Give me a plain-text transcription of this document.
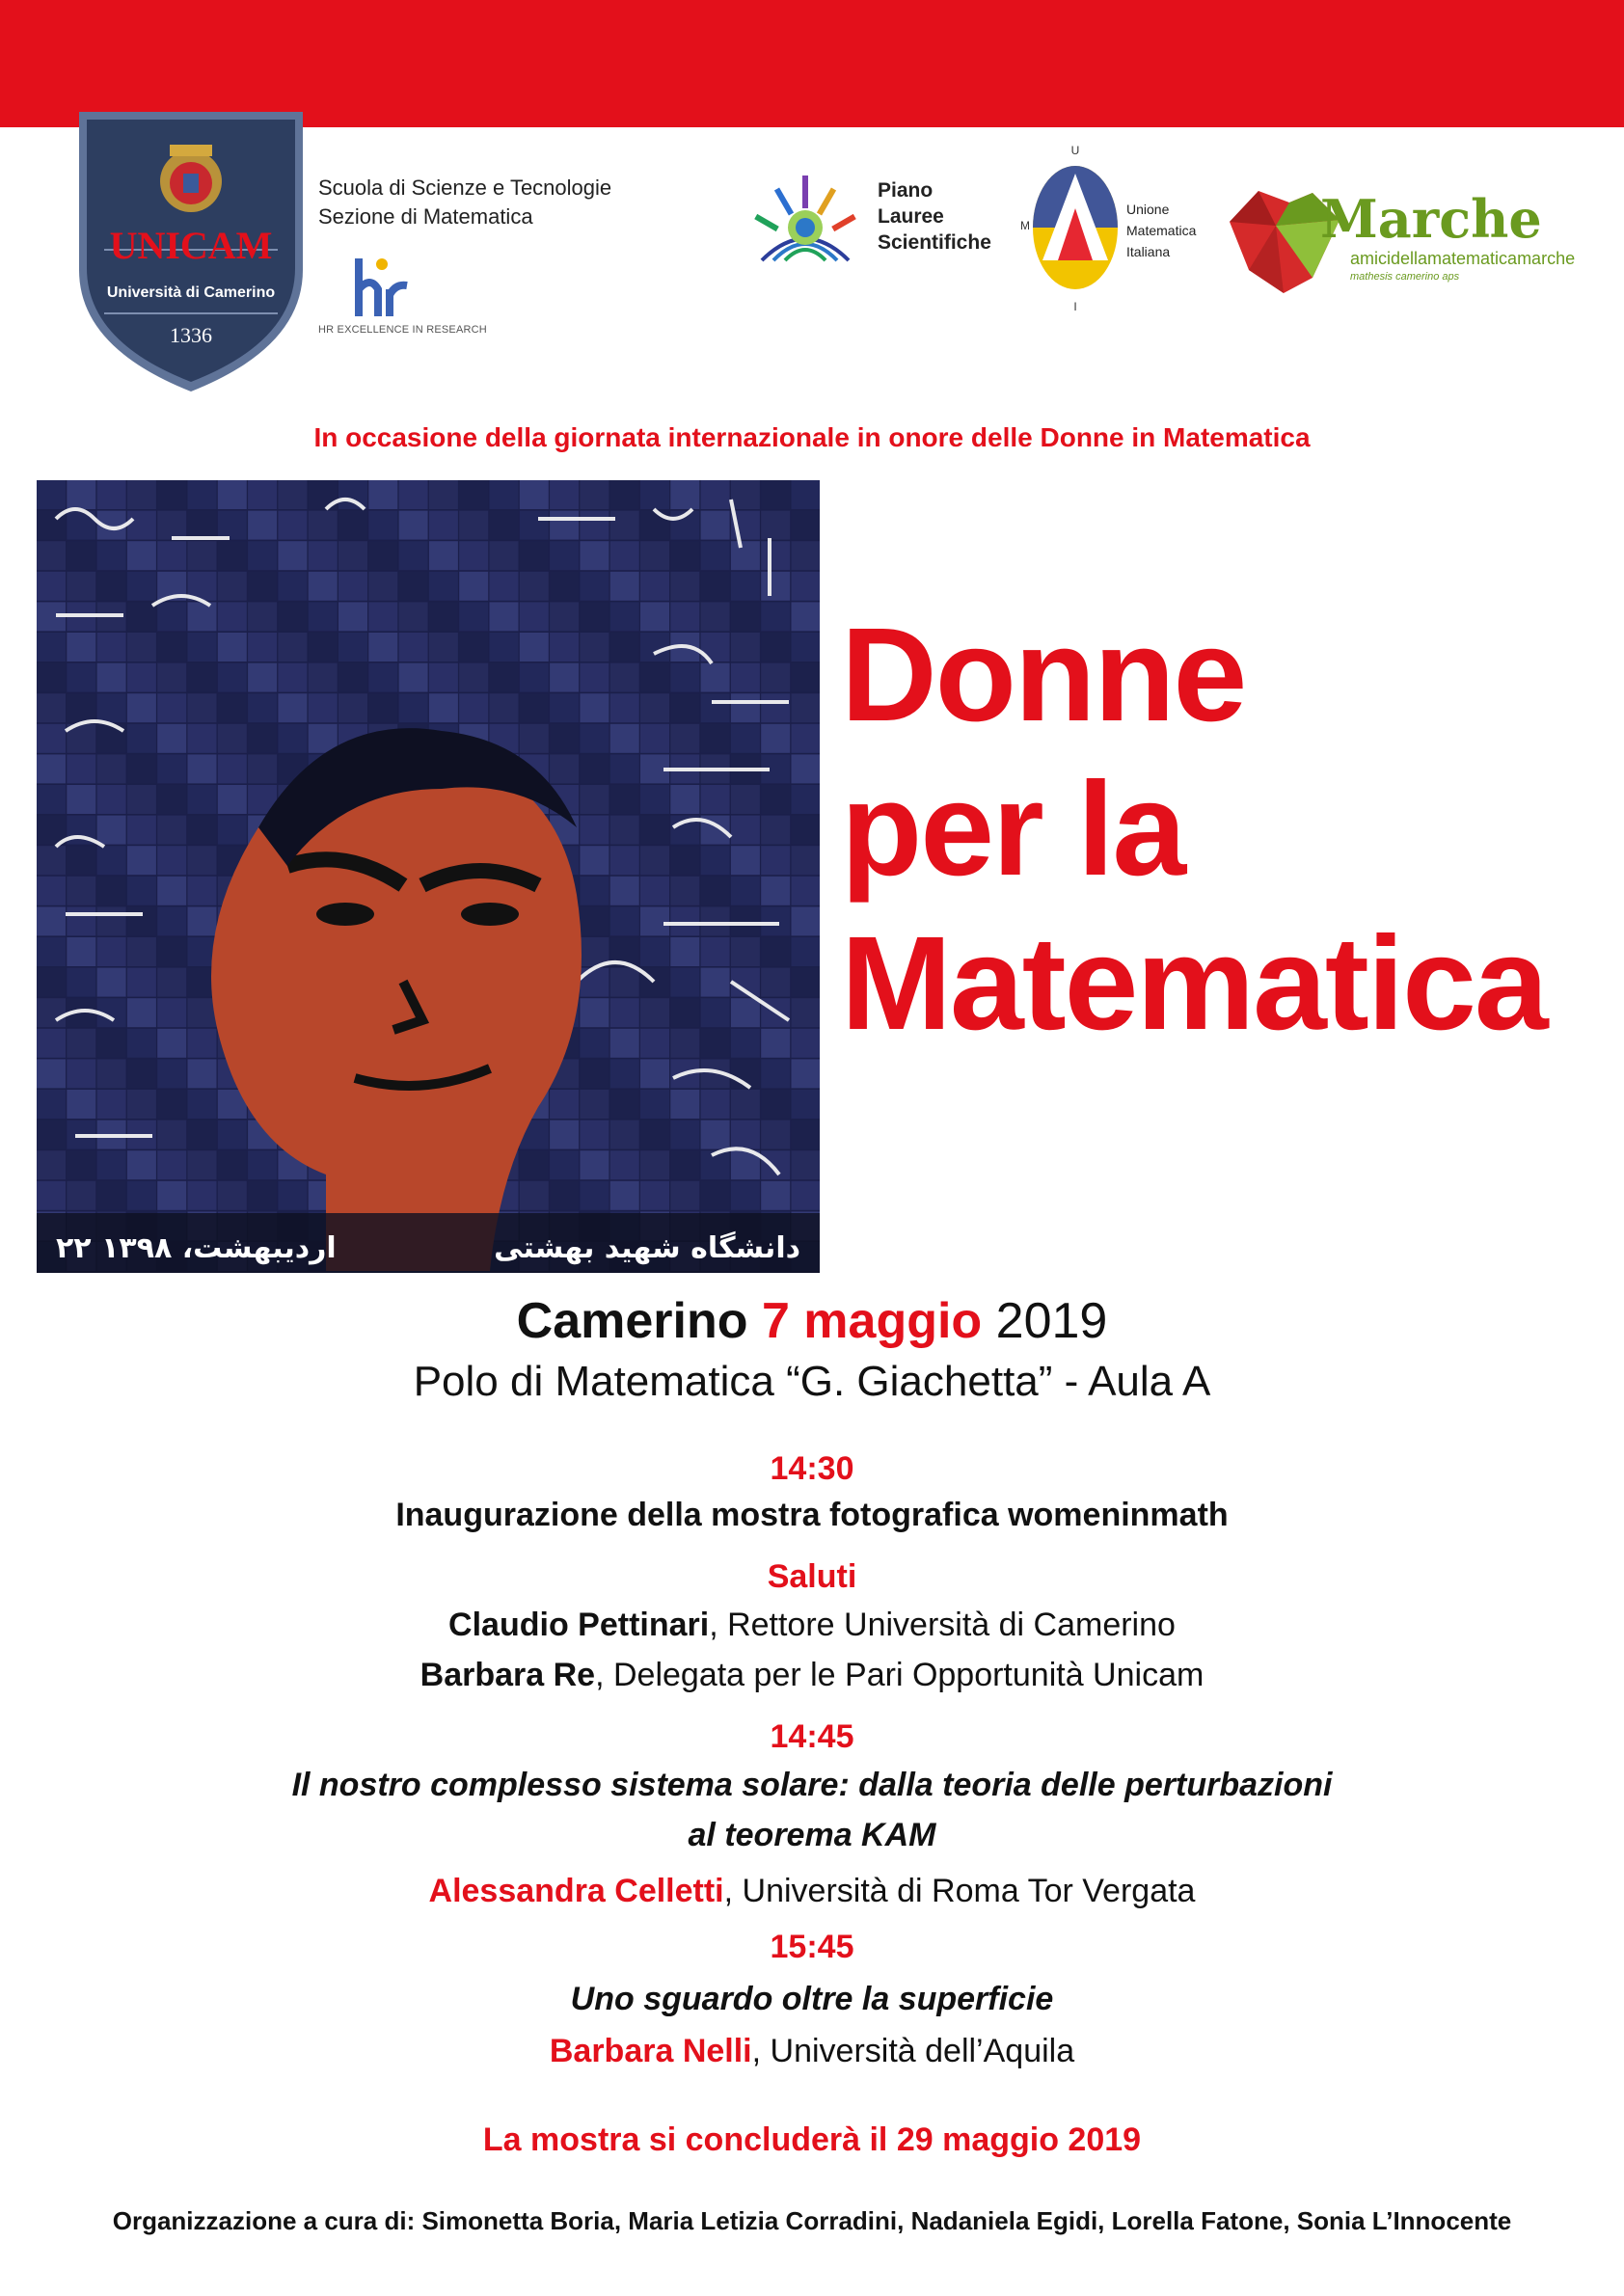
UNICAM
Università di Camerino
1336
Scuola di Scienze e Tecnologie
Sezione di Matematica
HR EXCELLENCE IN RESEARCH
Piano
Lauree
Scientifiche
U
M
I
Unione
Matematica
Italiana
Marche
amicidellamatematicamarche
mathesis camerino aps
In occasione della giornata internazionale in onore delle Donne in Matematica
۲۲ اردیبهشت، ۱۳۹۸	دانشگاه شهید بهشتی
Donne
per la
Matematica
Camerino 7 maggio 2019
Polo di Matematica “G. Giachetta” - Aula A
14:30
Inaugurazione della mostra fotografica womeninmath
Saluti
Claudio Pettinari, Rettore Università di Camerino
Barbara Re, Delegata per le Pari Opportunità Unicam
14:45
Il nostro complesso sistema solare: dalla teoria delle perturbazioni
al teorema KAM
Alessandra Celletti, Università di Roma Tor Vergata
15:45
Uno sguardo oltre la superficie
Barbara Nelli, Università dell’Aquila
La mostra si concluderà il 29 maggio 2019
Organizzazione a cura di: Simonetta Boria, Maria Letizia Corradini, Nadaniela Egidi, Lorella Fatone, Sonia L’Innocente
